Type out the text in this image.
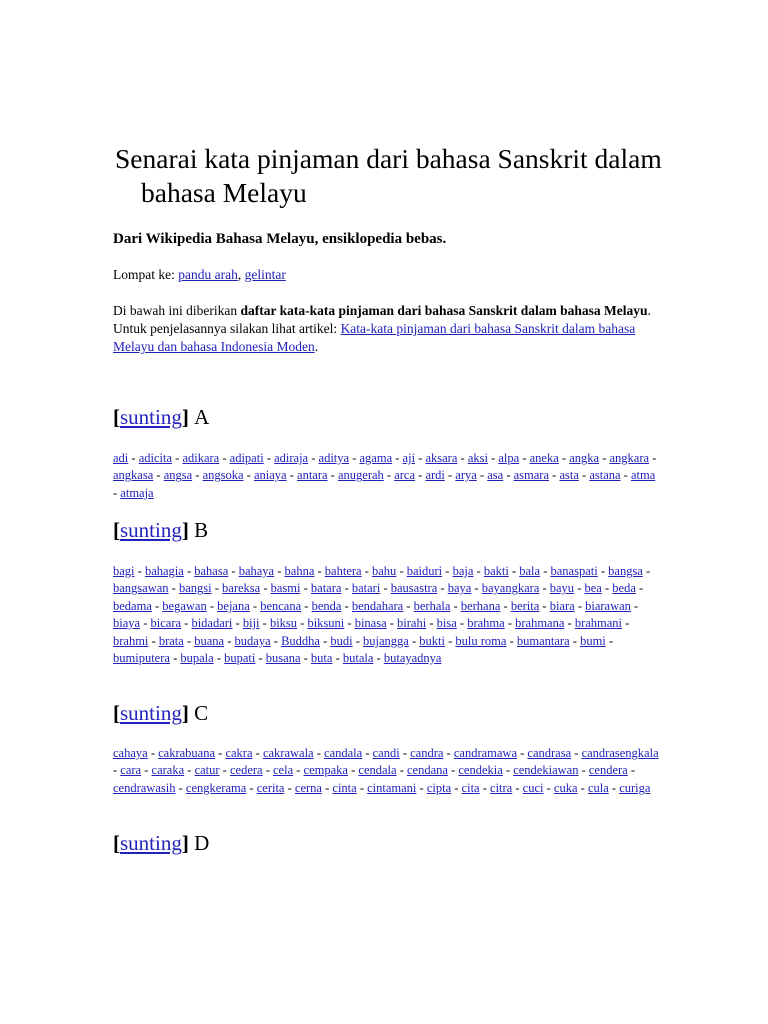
Senarai kata pinjaman dari bahasa Sanskrit dalam bahasa Melayu
Dari Wikipedia Bahasa Melayu, ensiklopedia bebas.
Lompat ke: pandu arah, gelintar
Di bawah ini diberikan daftar kata-kata pinjaman dari bahasa Sanskrit dalam bahasa Melayu. Untuk penjelasannya silakan lihat artikel: Kata-kata pinjaman dari bahasa Sanskrit dalam bahasa Melayu dan bahasa Indonesia Moden.
[sunting] A

adi - adicita - adikara - adipati - adiraja - aditya - agama - aji - aksara - aksi - alpa - aneka - angka - angkara - angkasa - angsa - angsoka - aniaya - antara - anugerah - arca - ardi - arya - asa - asmara - asta - astana - atma - atmaja

[sunting] B

bagi - bahagia - bahasa - bahaya - bahna - bahtera - bahu - baiduri - baja - bakti - bala - banaspati - bangsa - bangsawan - bangsi - bareksa - basmi - batara - batari - bausastra - baya - bayangkara - bayu - bea - beda - bedama - begawan - bejana - bencana - benda - bendahara - berhala - berhana - berita - biara - biarawan - biaya - bicara - bidadari - biji - biksu - biksuni - binasa - birahi - bisa - brahma - brahmana - brahmani - brahmi - brata - buana - budaya - Buddha - budi - bujangga - bukti - bulu roma - bumantara - bumi - bumiputera - bupala - bupati - busana - buta - butala - butayadnya

[sunting] C

cahaya - cakrabuana - cakra - cakrawala - candala - candi - candra - candramawa - candrasa - candrasengkala - cara - caraka - catur - cedera - cela - cempaka - cendala - cendana - cendekia - cendekiawan - cendera - cendrawasih - cengkerama - cerita - cerna - cinta - cintamani - cipta - cita - citra - cuci - cuka - cula - curiga

[sunting] D
